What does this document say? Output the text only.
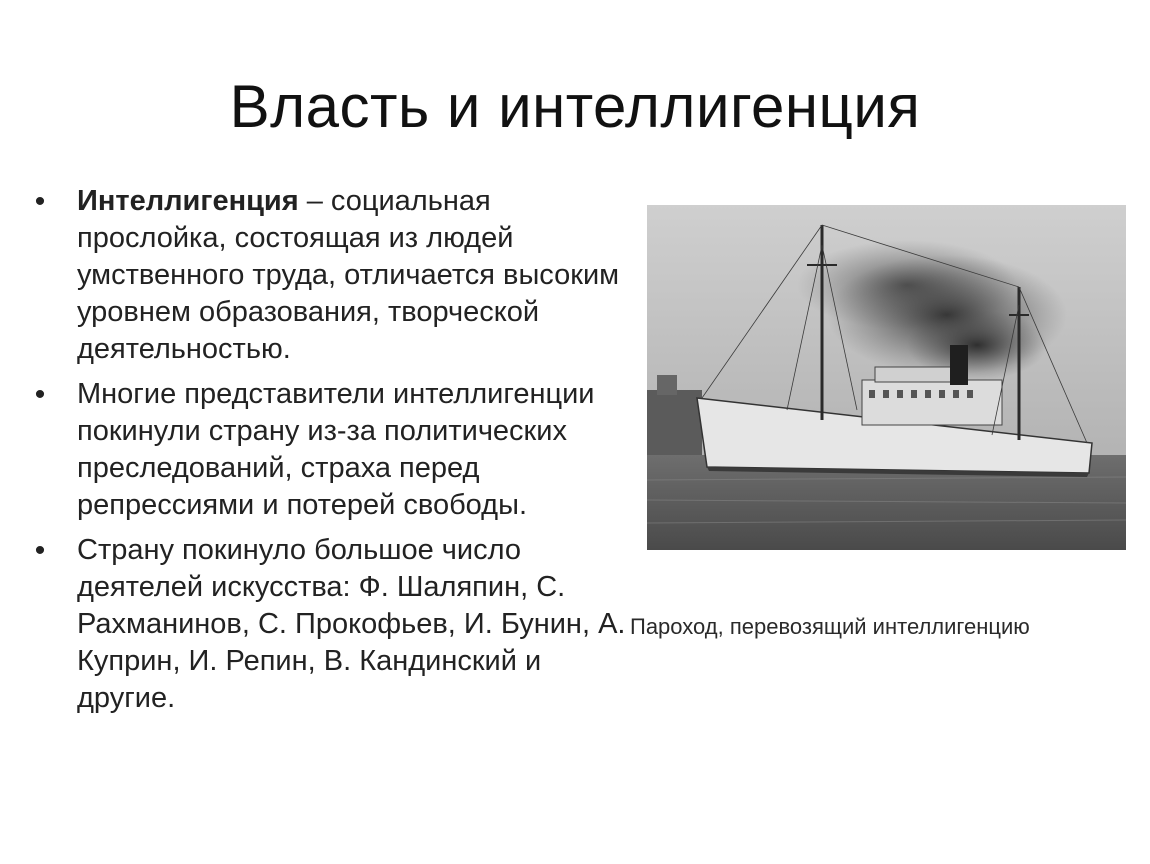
Власть и интеллигенция
• Интеллигенция – социальная прослойка, состоящая из людей умственного труда, отличается высоким уровнем образования, творческой деятельностью.
• Многие представители интеллигенции покинули страну из-за политических преследований, страха перед репрессиями и потерей свободы.
• Страну покинуло большое число деятелей искусства: Ф. Шаляпин, С. Рахманинов, С. Прокофьев, И. Бунин, А. Куприн, И. Репин, В. Кандинский и другие.
Пароход, перевозящий интеллигенцию
